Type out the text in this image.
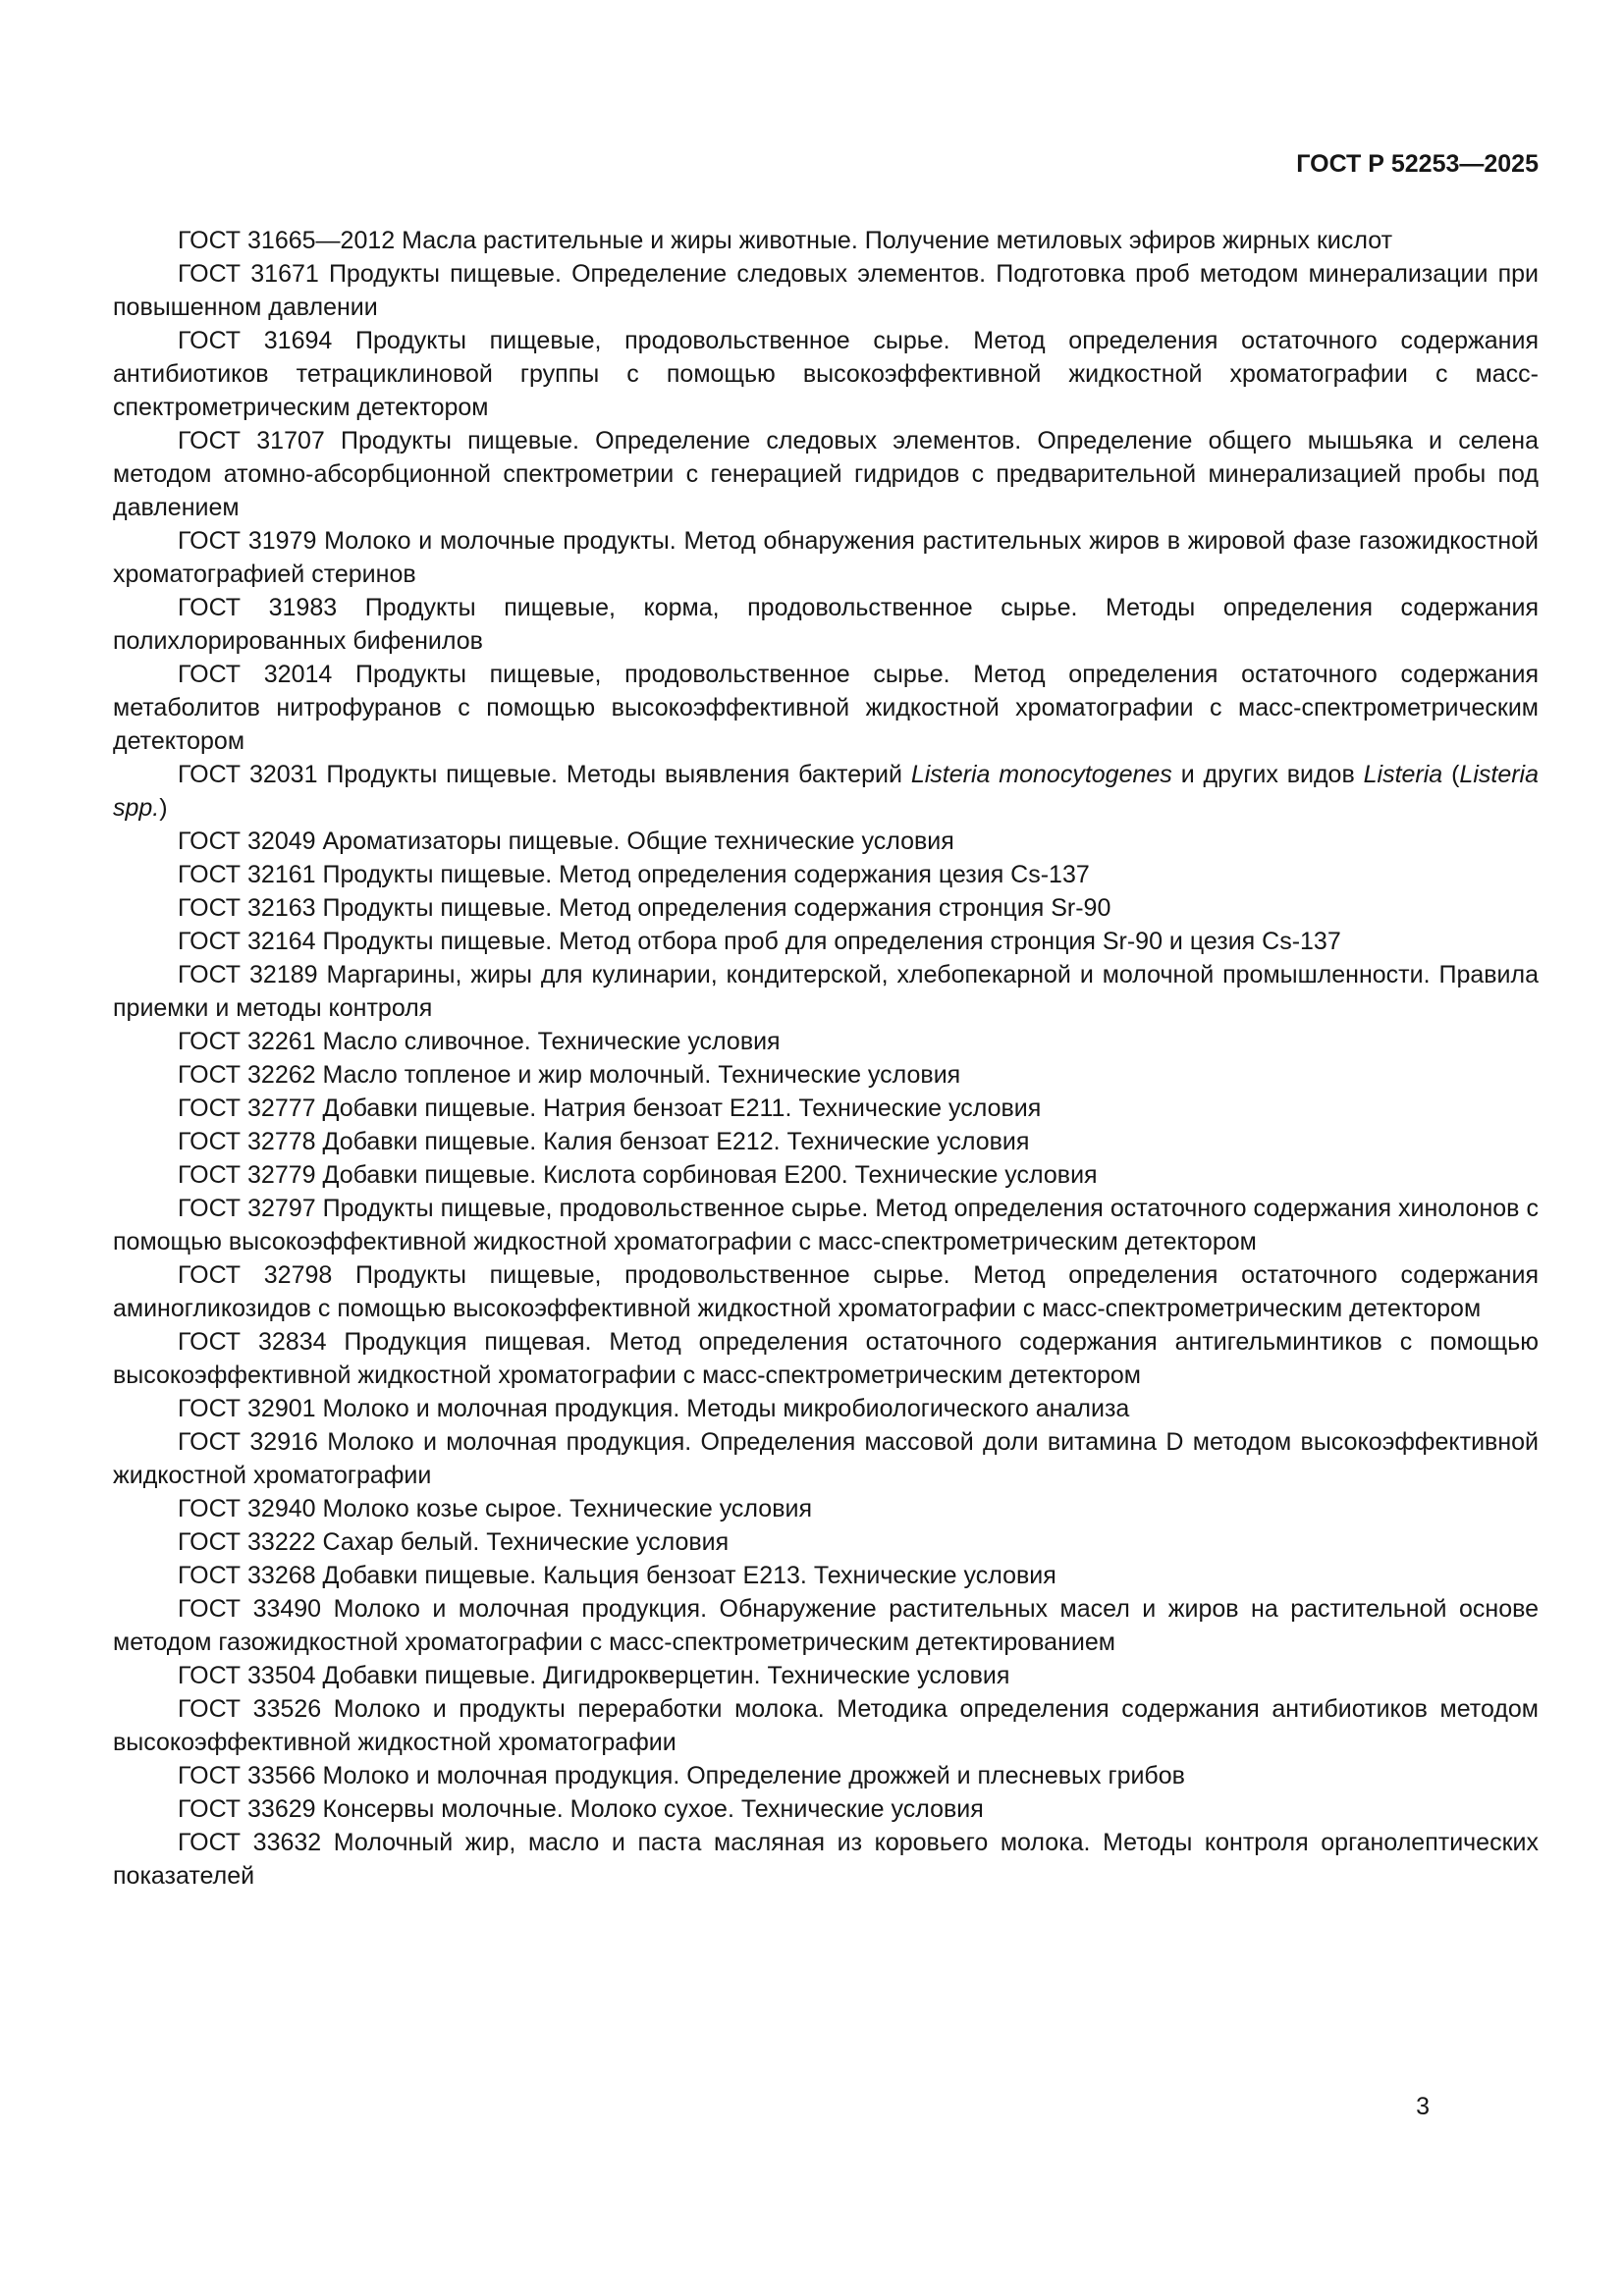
ГОСТ Р 52253—2025

ГОСТ 31665—2012 Масла растительные и жиры животные. Получение метиловых эфиров жирных кислот

ГОСТ 31671 Продукты пищевые. Определение следовых элементов. Подготовка проб методом минерализации при повышенном давлении

ГОСТ 31694 Продукты пищевые, продовольственное сырье. Метод определения остаточного содержания антибиотиков тетрациклиновой группы с помощью высокоэффективной жидкостной хроматографии с масс-спектрометрическим детектором

ГОСТ 31707 Продукты пищевые. Определение следовых элементов. Определение общего мышьяка и селена методом атомно-абсорбционной спектрометрии с генерацией гидридов с предварительной минерализацией пробы под давлением

ГОСТ 31979 Молоко и молочные продукты. Метод обнаружения растительных жиров в жировой фазе газожидкостной хроматографией стеринов

ГОСТ 31983 Продукты пищевые, корма, продовольственное сырье. Методы определения содержания полихлорированных бифенилов

ГОСТ 32014 Продукты пищевые, продовольственное сырье. Метод определения остаточного содержания метаболитов нитрофуранов с помощью высокоэффективной жидкостной хроматографии с масс-спектрометрическим детектором

ГОСТ 32031 Продукты пищевые. Методы выявления бактерий Listeria monocytogenes и других видов Listeria (Listeria spp.)

ГОСТ 32049 Ароматизаторы пищевые. Общие технические условия

ГОСТ 32161 Продукты пищевые. Метод определения содержания цезия Cs-137

ГОСТ 32163 Продукты пищевые. Метод определения содержания стронция Sr-90

ГОСТ 32164 Продукты пищевые. Метод отбора проб для определения стронция Sr-90 и цезия Cs-137

ГОСТ 32189 Маргарины, жиры для кулинарии, кондитерской, хлебопекарной и молочной промышленности. Правила приемки и методы контроля

ГОСТ 32261 Масло сливочное. Технические условия

ГОСТ 32262 Масло топленое и жир молочный. Технические условия

ГОСТ 32777 Добавки пищевые. Натрия бензоат Е211. Технические условия

ГОСТ 32778 Добавки пищевые. Калия бензоат Е212. Технические условия

ГОСТ 32779 Добавки пищевые. Кислота сорбиновая Е200. Технические условия

ГОСТ 32797 Продукты пищевые, продовольственное сырье. Метод определения остаточного содержания хинолонов с помощью высокоэффективной жидкостной хроматографии с масс-спектрометрическим детектором

ГОСТ 32798 Продукты пищевые, продовольственное сырье. Метод определения остаточного содержания аминогликозидов с помощью высокоэффективной жидкостной хроматографии с масс-спектрометрическим детектором

ГОСТ 32834 Продукция пищевая. Метод определения остаточного содержания антигельминтиков с помощью высокоэффективной жидкостной хроматографии с масс-спектрометрическим детектором

ГОСТ 32901 Молоко и молочная продукция. Методы микробиологического анализа

ГОСТ 32916 Молоко и молочная продукция. Определения массовой доли витамина D методом высокоэффективной жидкостной хроматографии

ГОСТ 32940 Молоко козье сырое. Технические условия

ГОСТ 33222 Сахар белый. Технические условия

ГОСТ 33268 Добавки пищевые. Кальция бензоат Е213. Технические условия

ГОСТ 33490 Молоко и молочная продукция. Обнаружение растительных масел и жиров на растительной основе методом газожидкостной хроматографии с масс-спектрометрическим детектированием

ГОСТ 33504 Добавки пищевые. Дигидрокверцетин. Технические условия

ГОСТ 33526 Молоко и продукты переработки молока. Методика определения содержания антибиотиков методом высокоэффективной жидкостной хроматографии

ГОСТ 33566 Молоко и молочная продукция. Определение дрожжей и плесневых грибов

ГОСТ 33629 Консервы молочные. Молоко сухое. Технические условия

ГОСТ 33632 Молочный жир, масло и паста масляная из коровьего молока. Методы контроля органолептических показателей

3
